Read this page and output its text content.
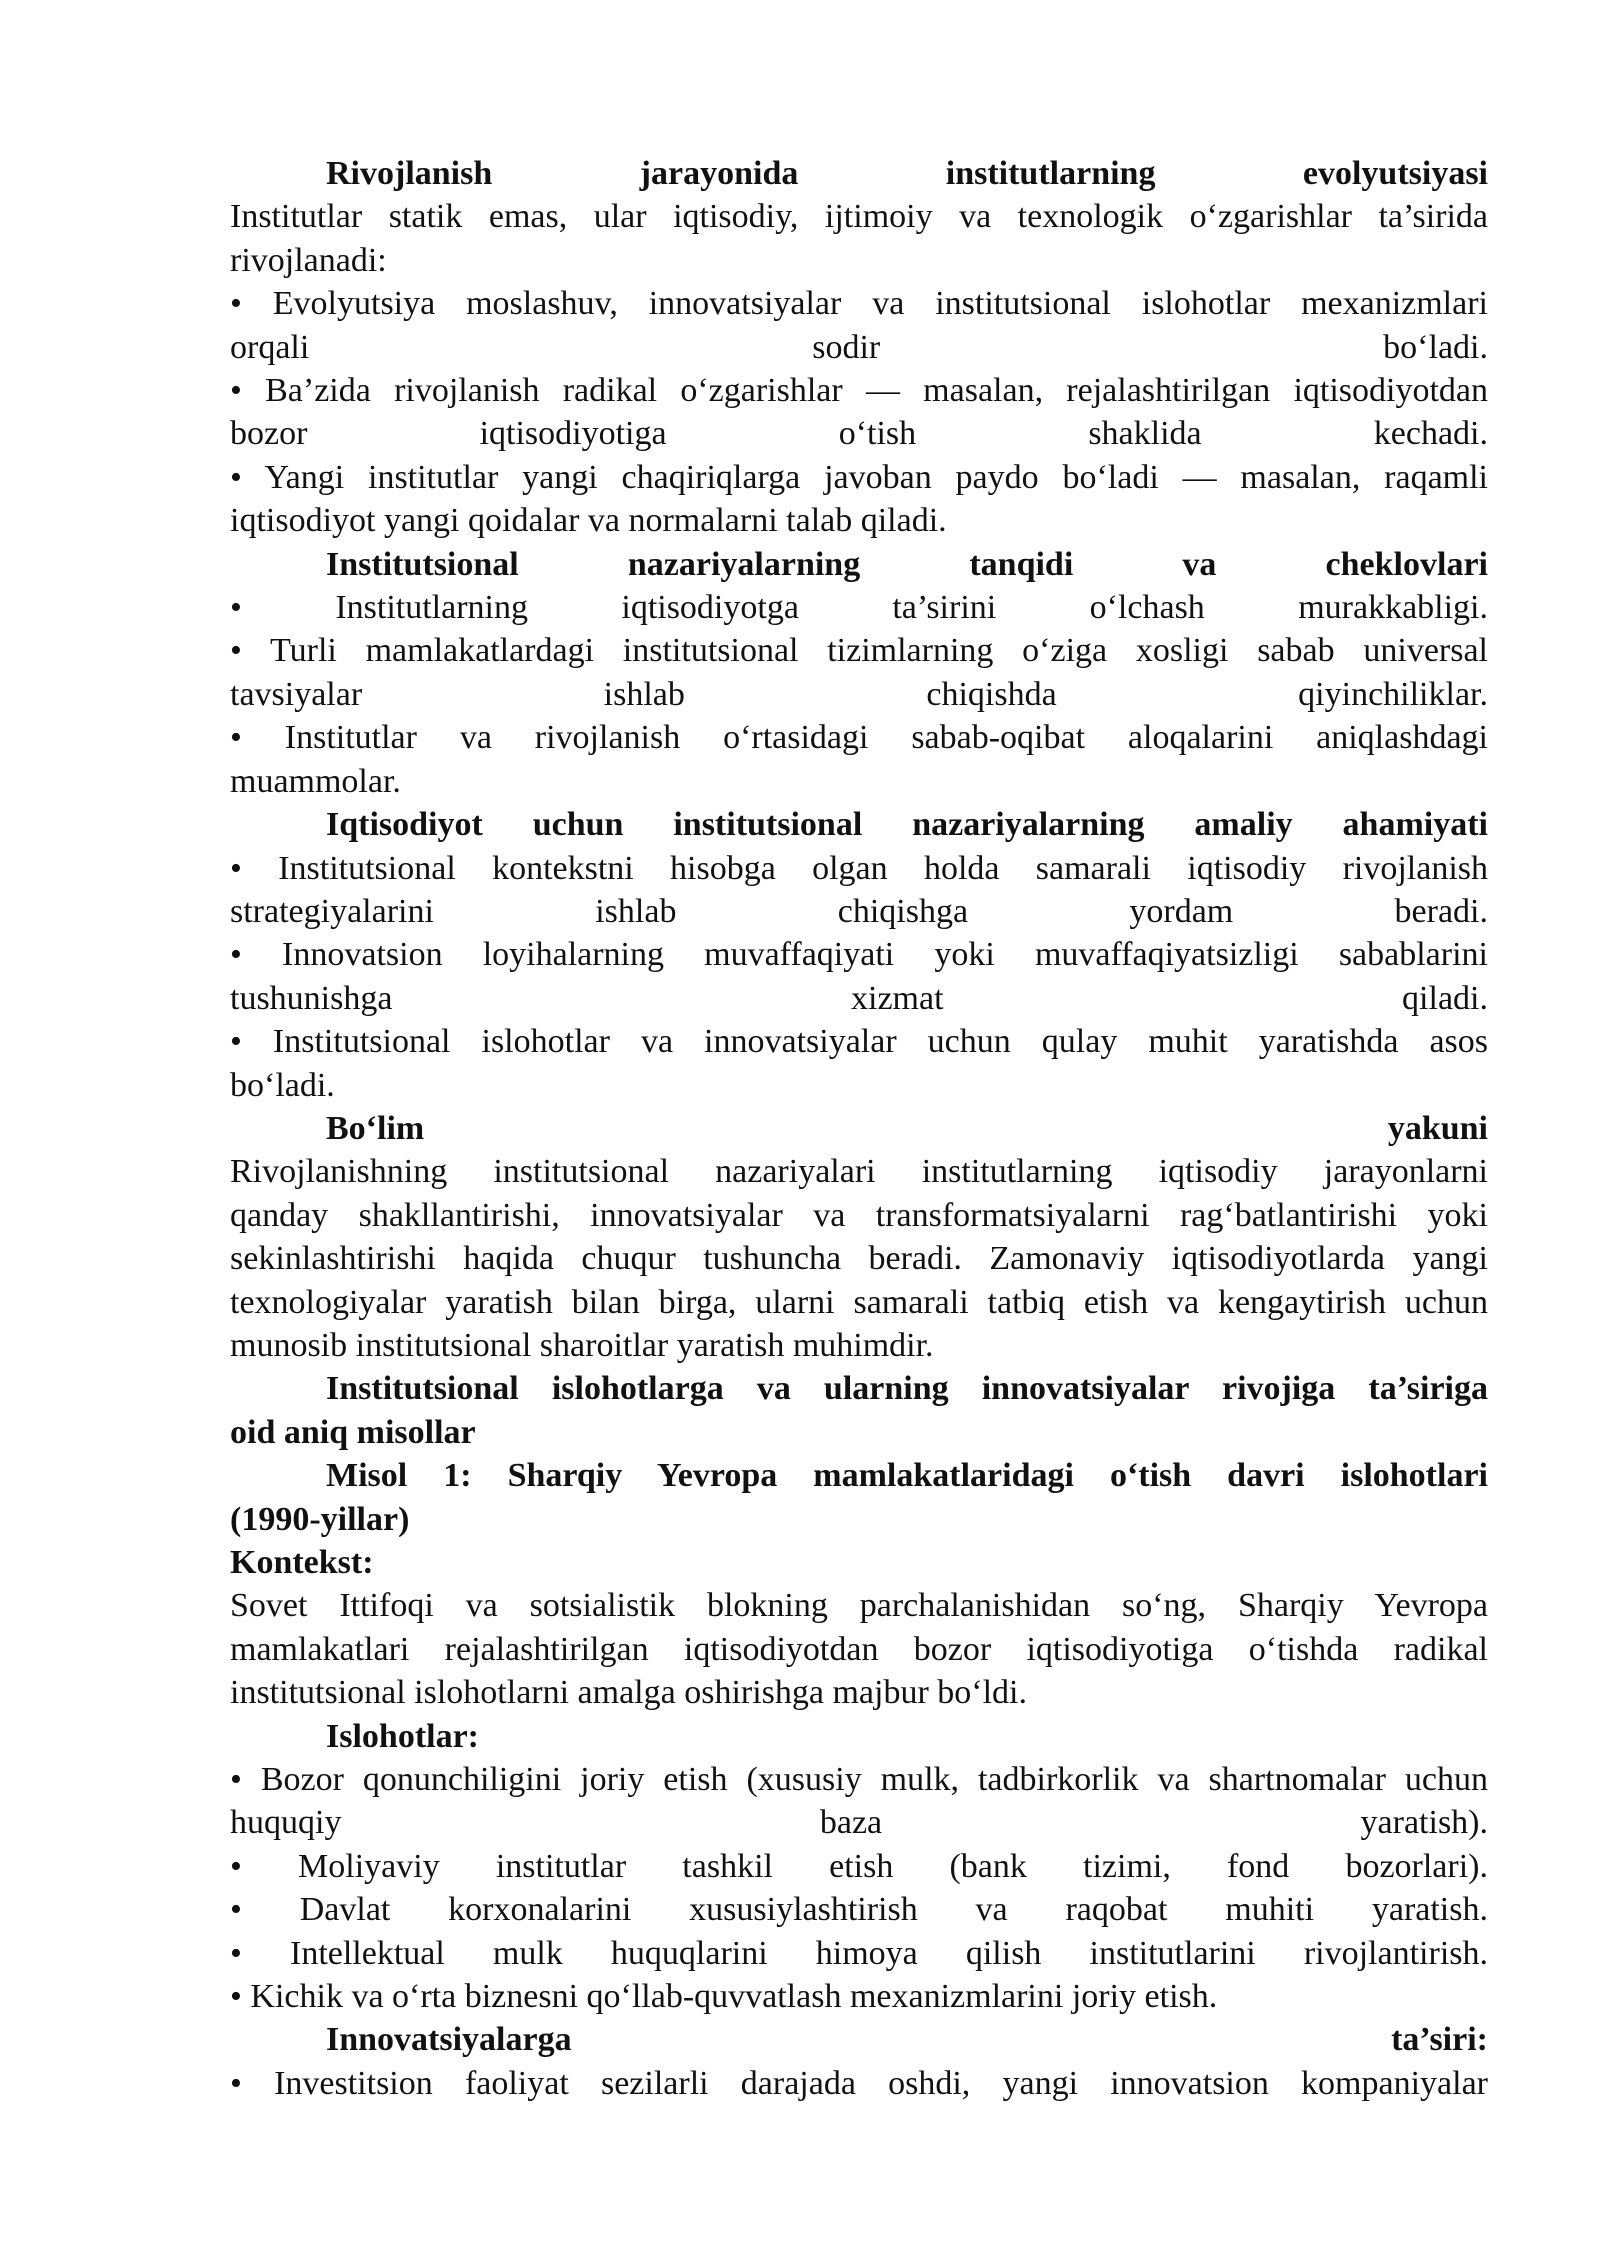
Rivojlanish jarayonida institutlarning evolyutsiyasi
Institutlar statik emas, ular iqtisodiy, ijtimoiy va texnologik o‘zgarishlar ta’sirida
rivojlanadi:
• Evolyutsiya moslashuv, innovatsiyalar va institutsional islohotlar mexanizmlari
orqali sodir bo‘ladi.
• Ba’zida rivojlanish radikal o‘zgarishlar — masalan, rejalashtirilgan iqtisodiyotdan
bozor iqtisodiyotiga o‘tish shaklida kechadi.
• Yangi institutlar yangi chaqiriqlarga javoban paydo bo‘ladi — masalan, raqamli
iqtisodiyot yangi qoidalar va normalarni talab qiladi.
Institutsional nazariyalarning tanqidi va cheklovlari
• Institutlarning iqtisodiyotga ta’sirini o‘lchash murakkabligi.
• Turli mamlakatlardagi institutsional tizimlarning o‘ziga xosligi sabab universal
tavsiyalar ishlab chiqishda qiyinchiliklar.
• Institutlar va rivojlanish o‘rtasidagi sabab-oqibat aloqalarini aniqlashdagi
muammolar.
Iqtisodiyot uchun institutsional nazariyalarning amaliy ahamiyati
• Institutsional kontekstni hisobga olgan holda samarali iqtisodiy rivojlanish
strategiyalarini ishlab chiqishga yordam beradi.
• Innovatsion loyihalarning muvaffaqiyati yoki muvaffaqiyatsizligi sabablarini
tushunishga xizmat qiladi.
• Institutsional islohotlar va innovatsiyalar uchun qulay muhit yaratishda asos
bo‘ladi.
Bo‘lim yakuni
Rivojlanishning institutsional nazariyalari institutlarning iqtisodiy jarayonlarni
qanday shakllantirishi, innovatsiyalar va transformatsiyalarni rag‘batlantirishi yoki
sekinlashtirishi haqida chuqur tushuncha beradi. Zamonaviy iqtisodiyotlarda yangi
texnologiyalar yaratish bilan birga, ularni samarali tatbiq etish va kengaytirish uchun
munosib institutsional sharoitlar yaratish muhimdir.
Institutsional islohotlarga va ularning innovatsiyalar rivojiga ta’siriga
oid aniq misollar
Misol 1: Sharqiy Yevropa mamlakatlaridagi o‘tish davri islohotlari
(1990-yillar)
Kontekst:
Sovet Ittifoqi va sotsialistik blokning parchalanishidan so‘ng, Sharqiy Yevropa
mamlakatlari rejalashtirilgan iqtisodiyotdan bozor iqtisodiyotiga o‘tishda radikal
institutsional islohotlarni amalga oshirishga majbur bo‘ldi.
Islohotlar:
• Bozor qonunchiligini joriy etish (xususiy mulk, tadbirkorlik va shartnomalar uchun
huquqiy baza yaratish).
• Moliyaviy institutlar tashkil etish (bank tizimi, fond bozorlari).
• Davlat korxonalarini xususiylashtirish va raqobat muhiti yaratish.
• Intellektual mulk huquqlarini himoya qilish institutlarini rivojlantirish.
• Kichik va o‘rta biznesni qo‘llab-quvvatlash mexanizmlarini joriy etish.
Innovatsiyalarga ta’siri:
• Investitsion faoliyat sezilarli darajada oshdi, yangi innovatsion kompaniyalar
